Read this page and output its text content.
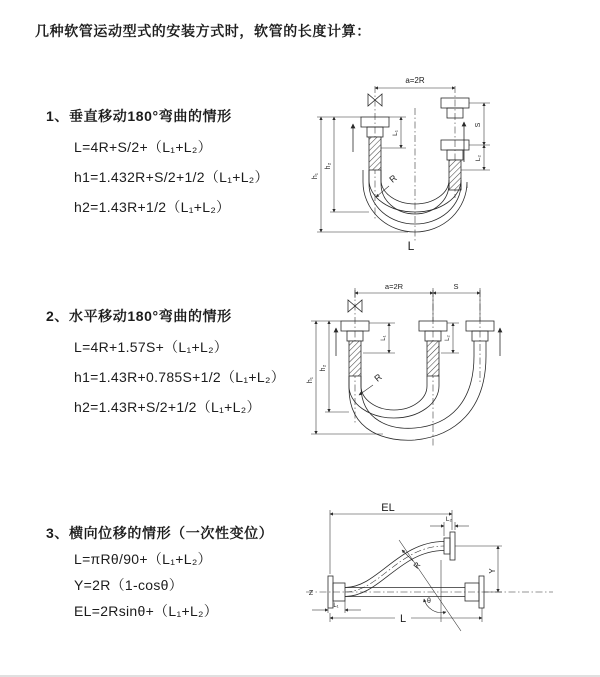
几种软管运动型式的安装方式时，软管的长度计算：
1、垂直移动180°弯曲的情形
L=4R+S/2+（L₁+L₂）
h1=1.432R+S/2+1/2（L₁+L₂）
h2=1.43R+1/2（L₁+L₂）
2、水平移动180°弯曲的情形
L=4R+1.57S+（L₁+L₂）
h1=1.43R+0.785S+1/2（L₁+L₂）
h2=1.43R+S/2+1/2（L₁+L₂）
3、横向位移的情形（一次性变位）
L=πRθ/90+（L₁+L₂）
Y=2R（1-cosθ）
EL=2Rsinθ+（L₁+L₂）
a=2R
L₁
S
L₂
h₂
h₁	R
L
a=2R	S
L₁	L₂
h₂
h₁	R
Z
EL
L₂
Y
R
θ
L₁
L
